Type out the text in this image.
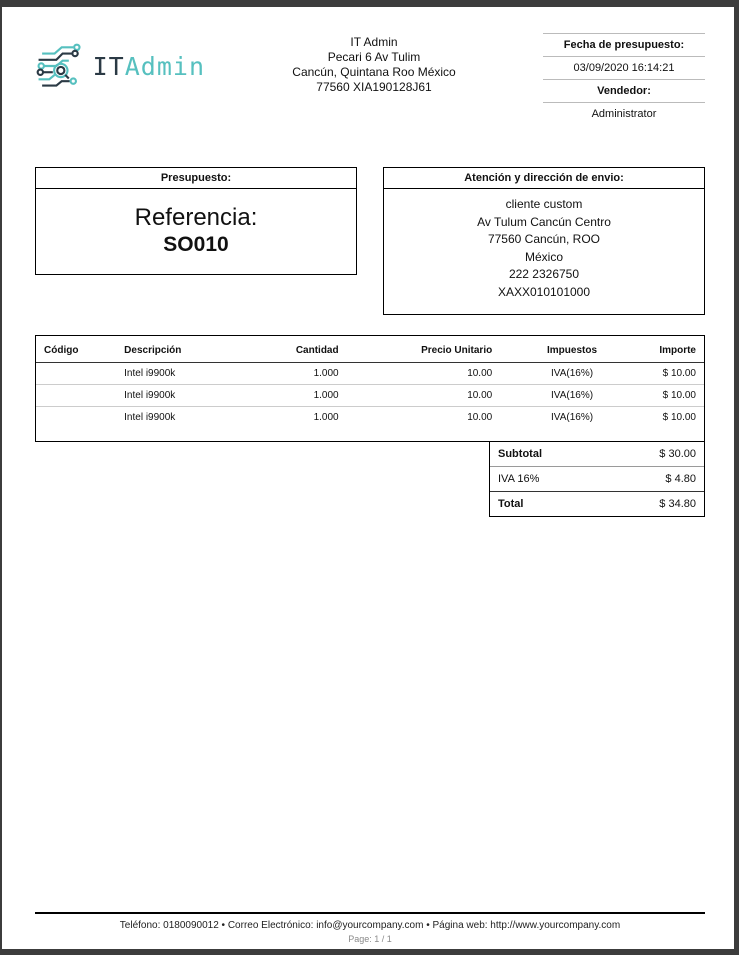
ITAdmin
IT Admin
Pecari 6 Av Tulim
Cancún, Quintana Roo México
77560 XIA190128J61
Fecha de presupuesto:
03/09/2020 16:14:21
Vendedor:
Administrator
Presupuesto:
Referencia:
SO010
Atención y dirección de envio:
cliente custom
Av Tulum Cancún Centro
77560 Cancún, ROO
México
222 2326750
XAXX010101000
Código	Descripción	Cantidad	Precio Unitario	Impuestos	Importe
	Intel i9900k	1.000	10.00	IVA(16%)	$ 10.00
	Intel i9900k	1.000	10.00	IVA(16%)	$ 10.00
	Intel i9900k	1.000	10.00	IVA(16%)	$ 10.00
Subtotal	$ 30.00
IVA 16%	$ 4.80
Total	$ 34.80
Teléfono: 0180090012 • Correo Electrónico: info@yourcompany.com • Página web: http://www.yourcompany.com
Page: 1 / 1
